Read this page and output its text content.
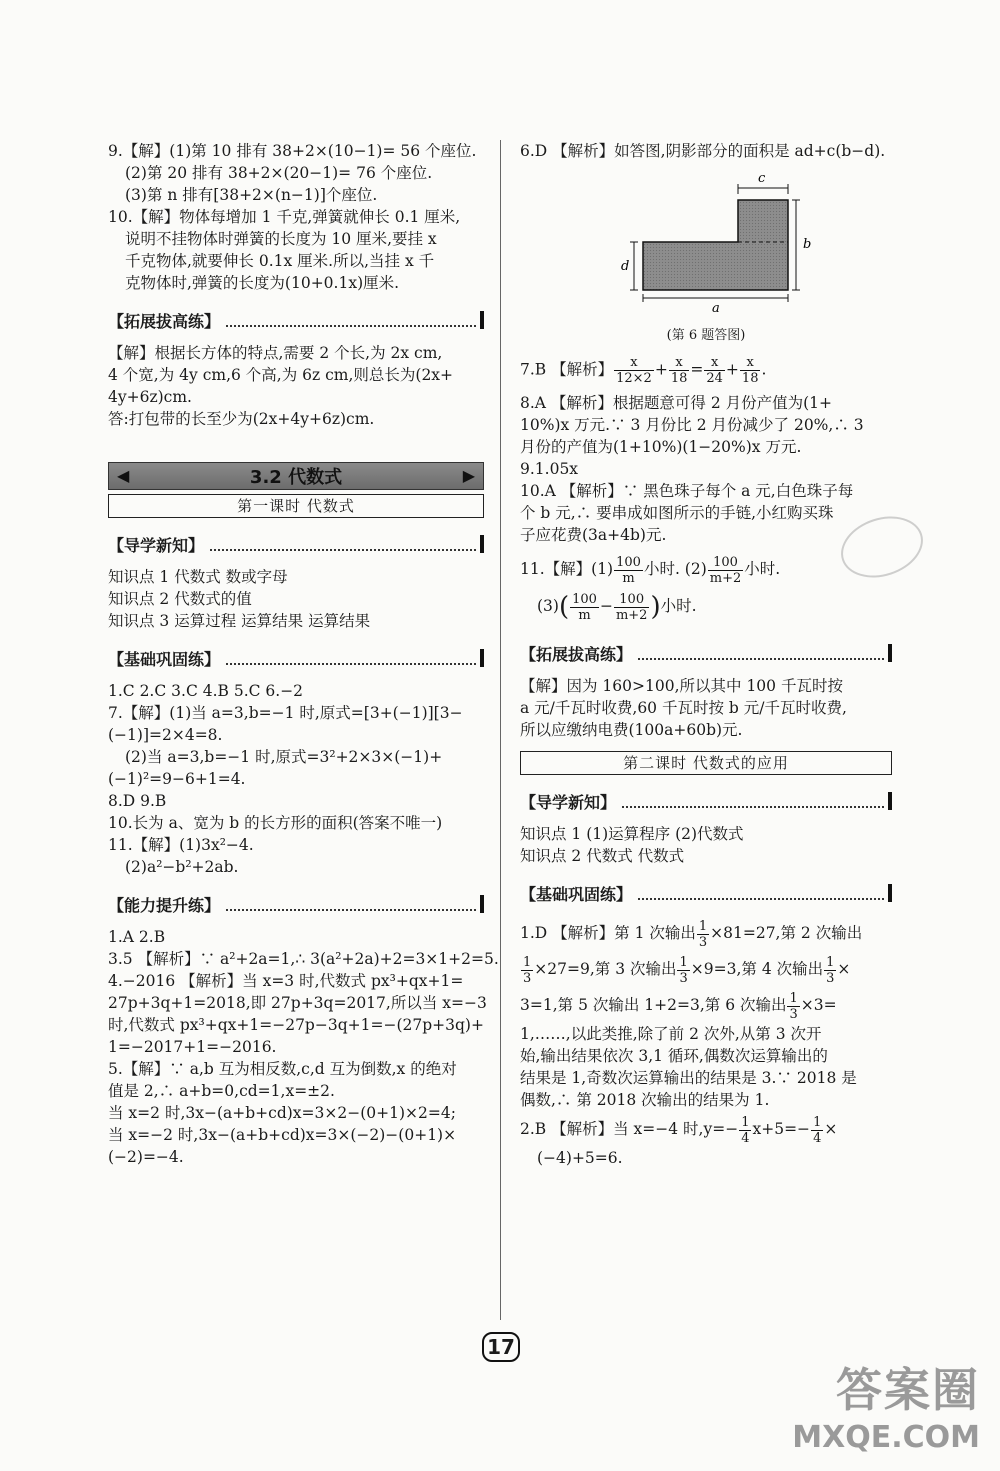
9.【解】(1)第 10 排有 38+2×(10−1)= 56 个座位.

(2)第 20 排有 38+2×(20−1)= 76 个座位.

(3)第 n 排有[38+2×(n−1)]个座位.

10.【解】物体每增加 1 千克,弹簧就伸长 0.1 厘米,

说明不挂物体时弹簧的长度为 10 厘米,要挂 x

千克物体,就要伸长 0.1x 厘米.所以,当挂 x 千

克物体时,弹簧的长度为(10+0.1x)厘米.

【拓展拔高练】

【解】根据长方体的特点,需要 2 个长,为 2x cm,

4 个宽,为 4y cm,6 个高,为 6z cm,则总长为(2x+

4y+6z)cm.

答:打包带的长至少为(2x+4y+6z)cm.

◀	3.2 代数式	▶
第一课时 代数式
【导学新知】

知识点 1 代数式 数或字母

知识点 2 代数式的值

知识点 3 运算过程 运算结果 运算结果

【基础巩固练】

1.C 2.C 3.C 4.B 5.C 6.−2

7.【解】(1)当 a=3,b=−1 时,原式=[3+(−1)][3−

(−1)]=2×4=8.

(2)当 a=3,b=−1 时,原式=3²+2×3×(−1)+

(−1)²=9−6+1=4.

8.D 9.B

10.长为 a、宽为 b 的长方形的面积(答案不唯一)

11.【解】(1)3x²−4.

(2)a²−b²+2ab.

【能力提升练】

1.A 2.B

3.5 【解析】∵ a²+2a=1,∴ 3(a²+2a)+2=3×1+2=5.

4.−2016 【解析】当 x=3 时,代数式 px³+qx+1=

27p+3q+1=2018,即 27p+3q=2017,所以当 x=−3

时,代数式 px³+qx+1=−27p−3q+1=−(27p+3q)+

1=−2017+1=−2016.

5.【解】∵ a,b 互为相反数,c,d 互为倒数,x 的绝对

值是 2,∴ a+b=0,cd=1,x=±2.

当 x=2 时,3x−(a+b+cd)x=3×2−(0+1)×2=4;

当 x=−2 时,3x−(a+b+cd)x=3×(−2)−(0+1)×

(−2)=−4.

6.D 【解析】如答图,阴影部分的面积是 ad+c(b−d).

c
b
d
a
(第 6 题答图)

7.B 【解析】 $\frac{x}{12\times 2} + \frac{x}{18} = \frac{x}{24} + \frac{x}{18}$ .

8.A 【解析】根据题意可得 2 月份产值为(1+

10%)x 万元.∵ 3 月份比 2 月份减少了 20%,∴ 3

月份的产值为(1+10%)(1−20%)x 万元.

9.1.05x

10.A 【解析】∵ 黑色珠子每个 a 元,白色珠子每

个 b 元,∴ 要串成如图所示的手链,小红购买珠

子应花费(3a+4b)元.

11.【解】$(1) \frac{100}{m}$ 小时. $(2) \frac{100}{m+2}$ 小时.

$(3)( \frac{100}{m} - \frac{100}{m+2}$ )小时.

【拓展拔高练】

【解】因为 160>100,所以其中 100 千瓦时按

a 元/千瓦时收费,60 千瓦时按 b 元/千瓦时收费,

所以应缴纳电费(100a+60b)元.

第二课时 代数式的应用
【导学新知】

知识点 1 (1)运算程序 (2)代数式

知识点 2 代数式 代数式

【基础巩固练】

1.D 【解析】第 1 次输出 $\frac{1}{3} \times 81=27$,第 2 次输出

$\frac{1}{3} \times 27=9$,第 3 次输出 $\frac{1}{3} \times 9=3$,第 4 次输出 $\frac{1}{3}$ ×

3=1,第 5 次输出 1+2=3,第 6 次输出 $\frac{1}{3} \times 3=$

1,……,以此类推,除了前 2 次外,从第 3 次开

始,输出结果依次 3,1 循环,偶数次运算输出的

结果是 1,奇数次运算输出的结果是 3.∵ 2018 是

偶数,∴ 第 2018 次输出的结果为 1.

2.B 【解析】当 x=−4 时$,y=- \frac{1}{4} x+5=- \frac{1}{4}$ ×

(−4)+5=6.

17
答案圈
MXQE.COM
